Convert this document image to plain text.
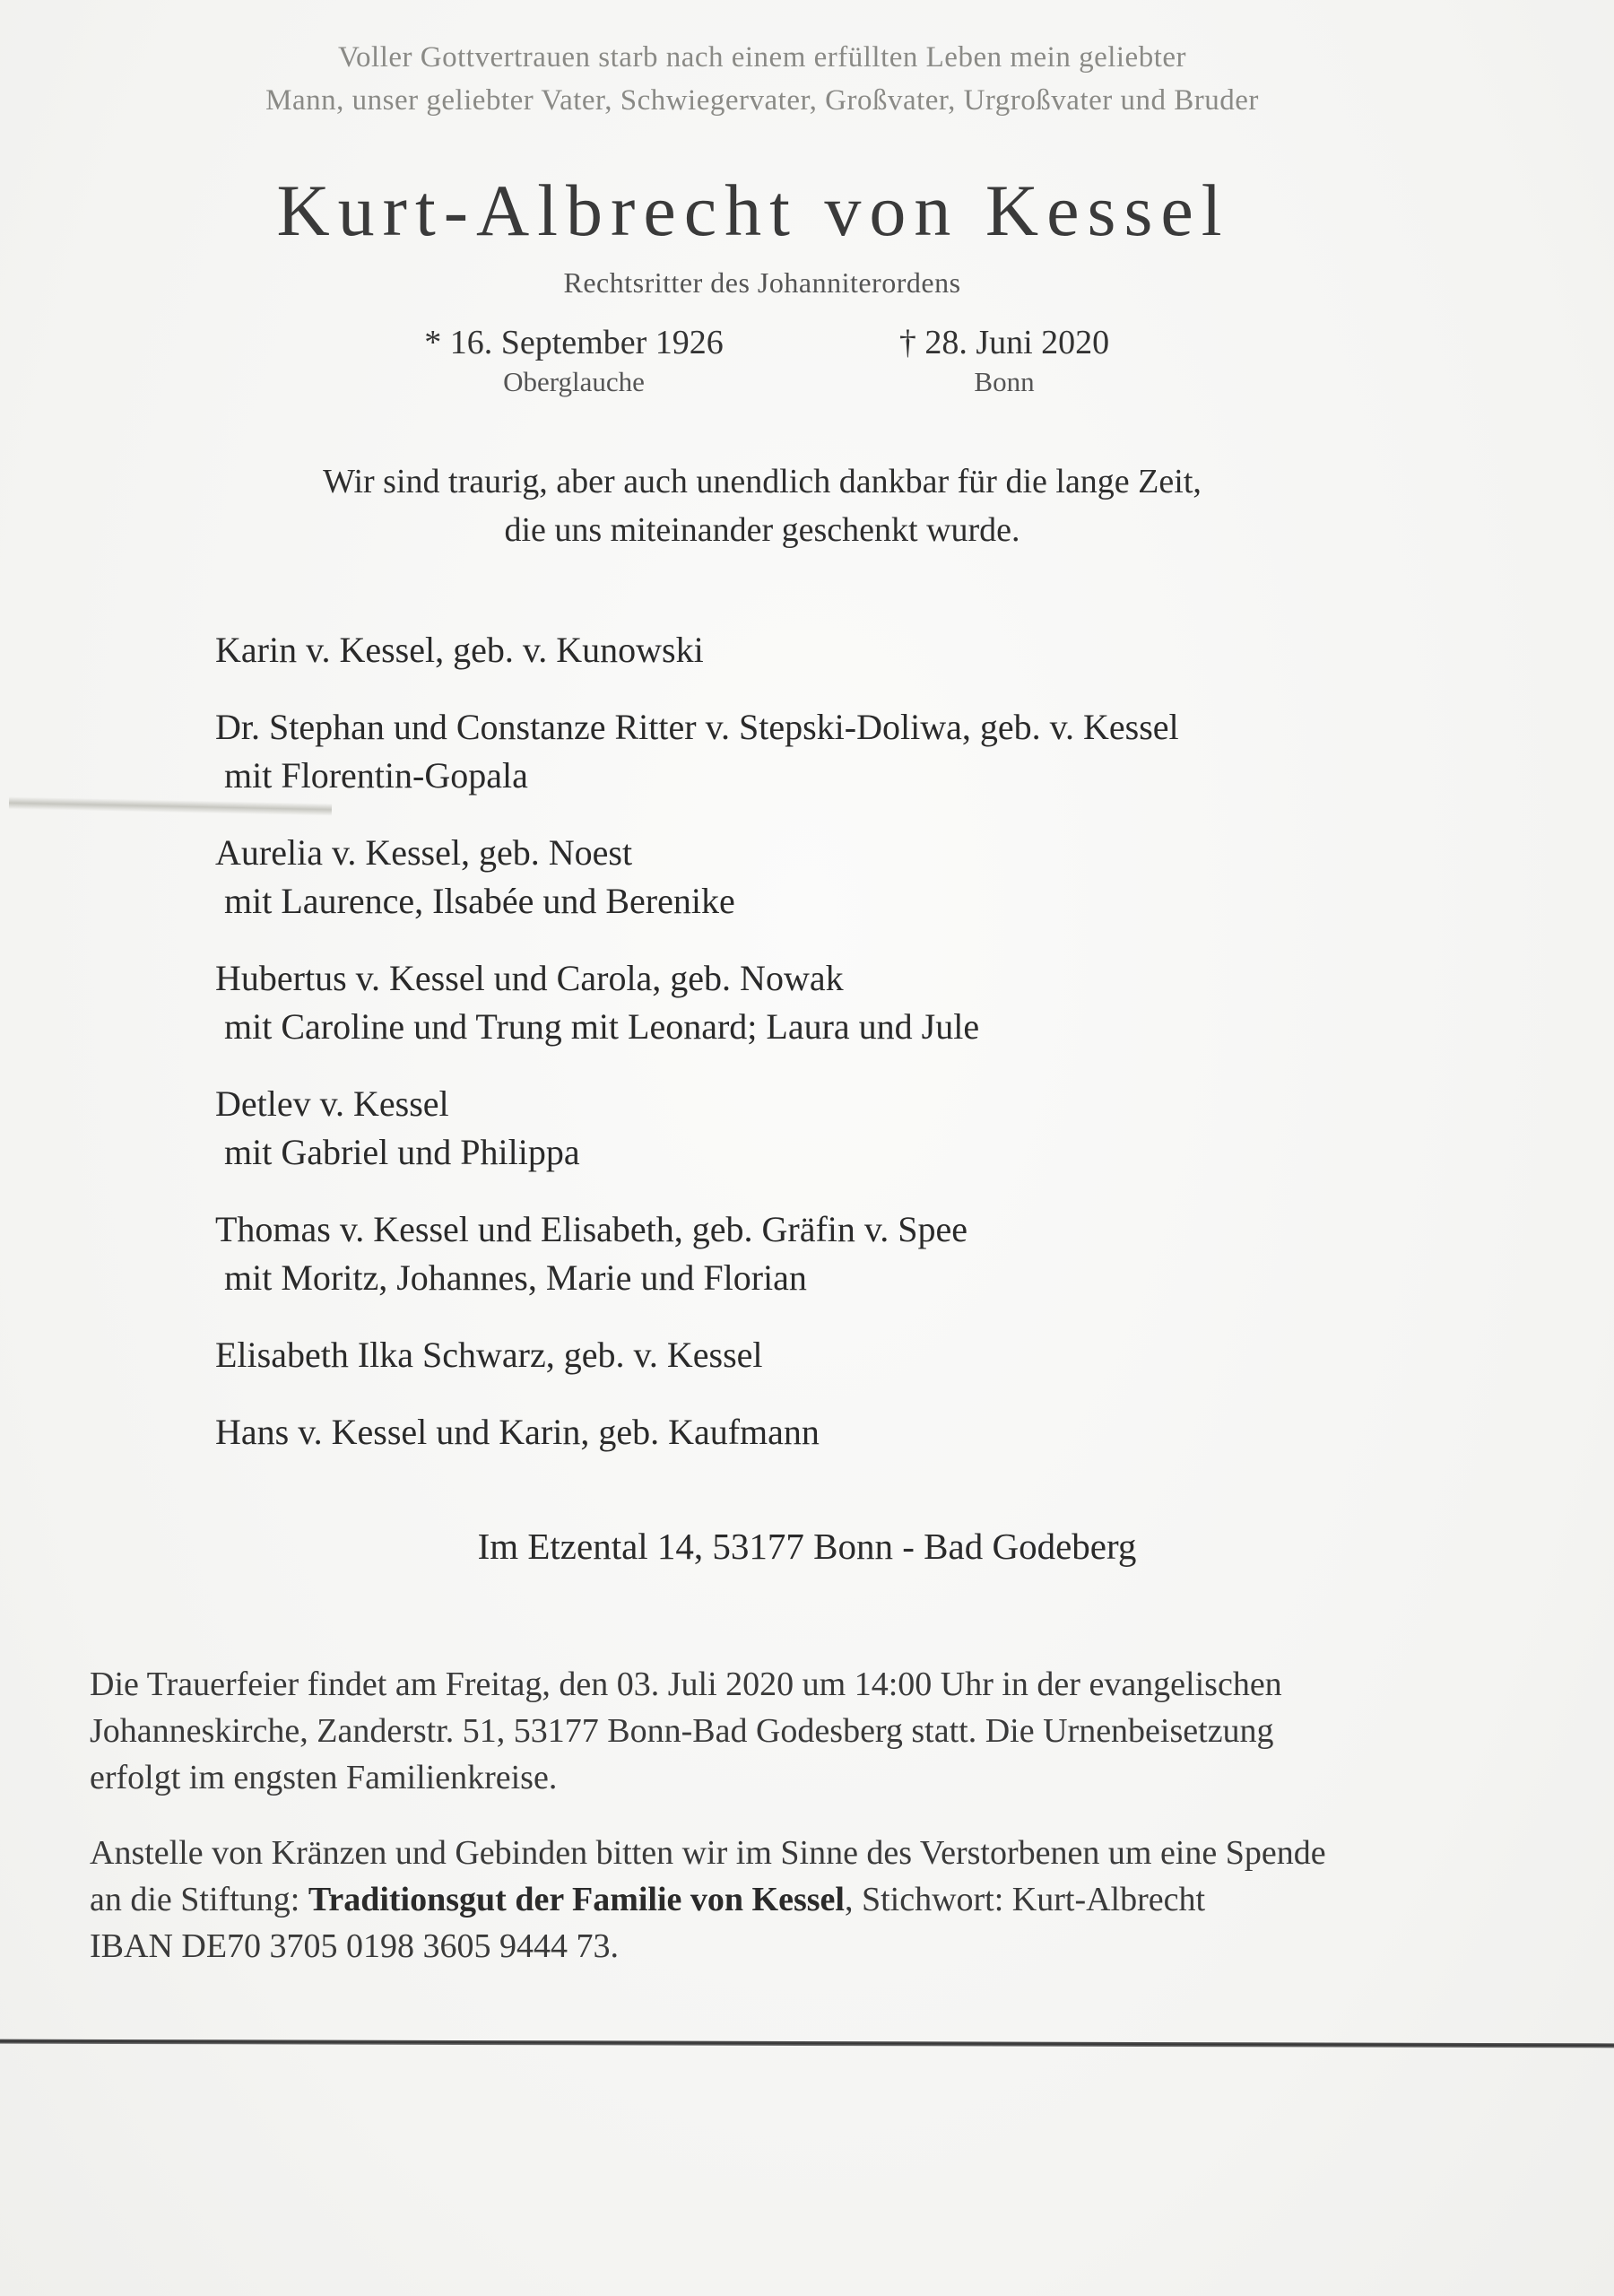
Voller Gottvertrauen starb nach einem erfüllten Leben mein geliebter
Mann, unser geliebter Vater, Schwiegervater, Großvater, Urgroßvater und Bruder
Kurt-Albrecht von Kessel
Rechtsritter des Johanniterordens
* 16. September 1926
Oberglauche
† 28. Juni 2020
Bonn
Wir sind traurig, aber auch unendlich dankbar für die lange Zeit,
die uns miteinander geschenkt wurde.
Karin v. Kessel, geb. v. Kunowski
Dr. Stephan und Constanze Ritter v. Stepski-Doliwa, geb. v. Kessel
mit Florentin-Gopala
Aurelia v. Kessel, geb. Noest
mit Laurence, Ilsabée und Berenike
Hubertus v. Kessel und Carola, geb. Nowak
mit Caroline und Trung mit Leonard; Laura und Jule
Detlev v. Kessel
mit Gabriel und Philippa
Thomas v. Kessel und Elisabeth, geb. Gräfin v. Spee
mit Moritz, Johannes, Marie und Florian
Elisabeth Ilka Schwarz, geb. v. Kessel
Hans v. Kessel und Karin, geb. Kaufmann
Im Etzental 14, 53177 Bonn - Bad Godeberg
Die Trauerfeier findet am Freitag, den 03. Juli 2020 um 14:00 Uhr in der evangelischen
Johanneskirche, Zanderstr. 51, 53177 Bonn-Bad Godesberg statt. Die Urnenbeisetzung
erfolgt im engsten Familienkreise.
Anstelle von Kränzen und Gebinden bitten wir im Sinne des Verstorbenen um eine Spende
an die Stiftung: Traditionsgut der Familie von Kessel, Stichwort: Kurt-Albrecht
IBAN DE70 3705 0198 3605 9444 73.
